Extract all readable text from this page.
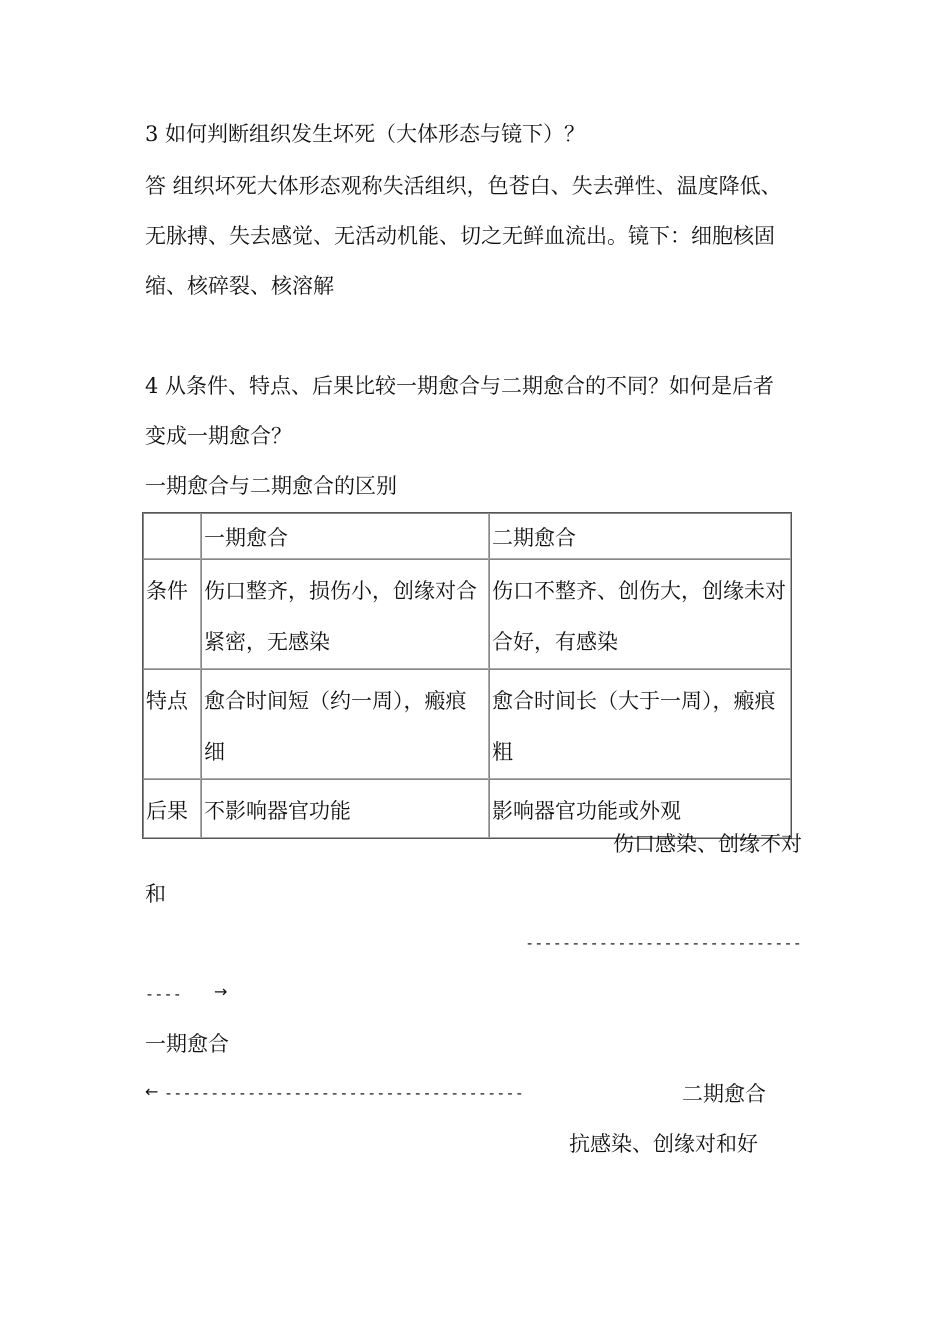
3 如何判断组织发生坏死（大体形态与镜下）？
答 组织坏死大体形态观称失活组织，色苍白、失去弹性、温度降低、
无脉搏、失去感觉、无活动机能、切之无鲜血流出。镜下：细胞核固
缩、核碎裂、核溶解
4 从条件、特点、后果比较一期愈合与二期愈合的不同？如何是后者
变成一期愈合？
一期愈合与二期愈合的区别
	一期愈合	二期愈合
条件	伤口整齐，损伤小，创缘对合紧密，无感染	伤口不整齐、创伤大，创缘未对合好，有感染
特点	愈合时间短（约一周），瘢痕细	愈合时间长（大于一周），瘢痕粗
后果	不影响器官功能	影响器官功能或外观
伤口感染、创缘不对
和
------------------------------
---- →
一期愈合
← ---------------------------------------	二期愈合
抗感染、创缘对和好
